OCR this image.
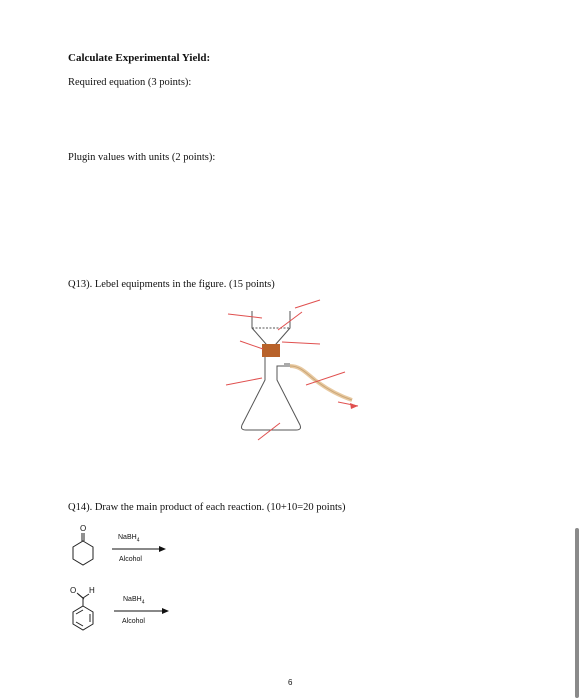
Calculate Experimental Yield:
Required equation (3 points):
Plugin values with units (2 points):
Q13). Lebel equipments in the figure. (15 points)
Q14). Draw the main product of each reaction. (10+10=20 points)
O
NaBH$_4$
Alcohol
O H
NaBH$_4$
Alcohol
6
